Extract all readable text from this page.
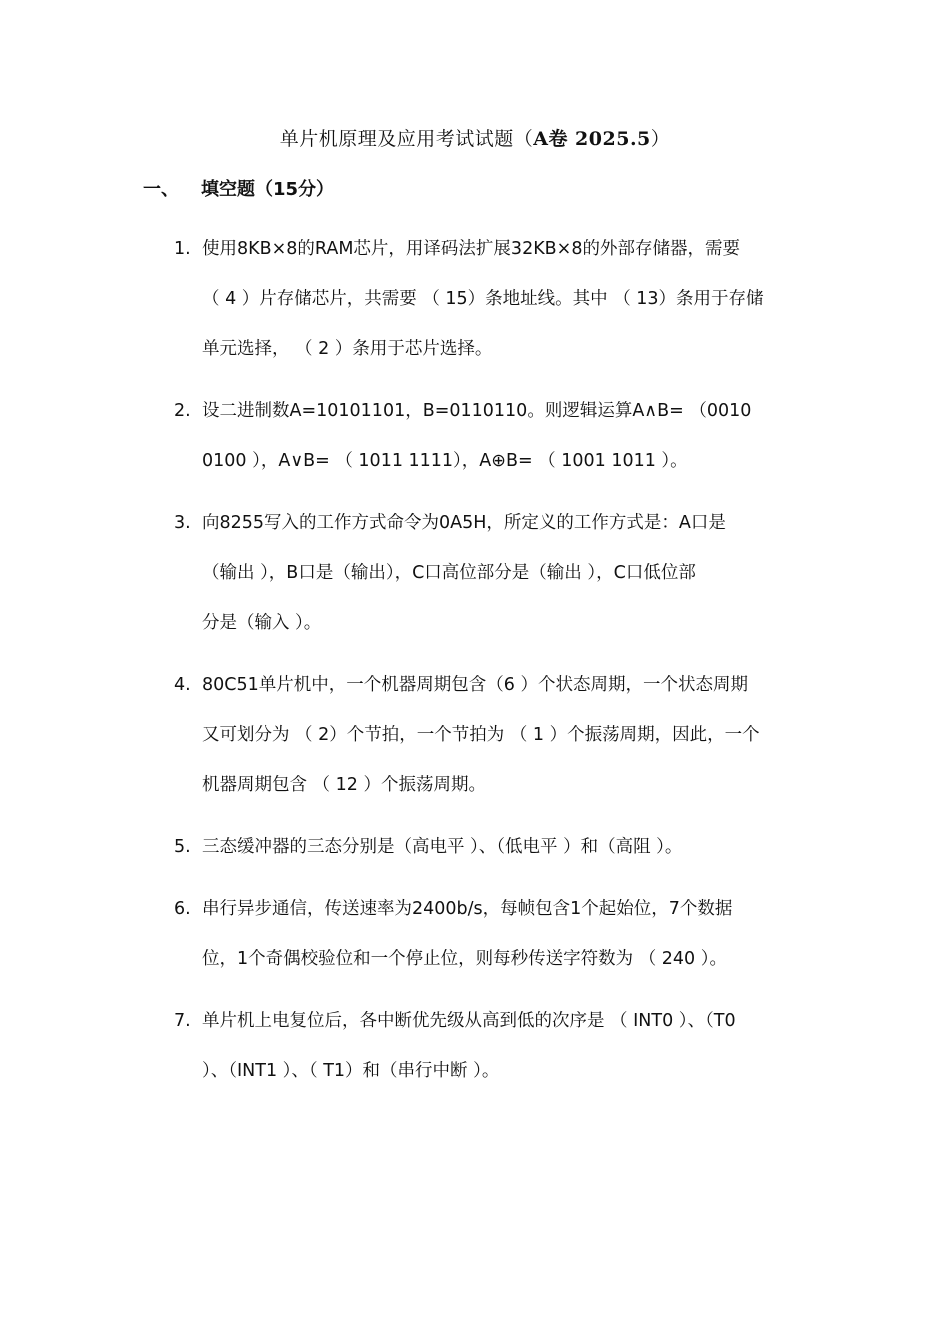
单片机原理及应用考试试题（A卷 2025.5）
一、 填空题（15分）
1. 使用8KB×8的RAM芯片，用译码法扩展32KB×8的外部存储器，需要
（ 4 ）片存储芯片，共需要 （ 15）条地址线。其中 （ 13）条用于存储
单元选择， （ 2 ）条用于芯片选择。
2. 设二进制数A=10101101，B=0110110。则逻辑运算A∧B= （0010
0100 ），A∨B= （ 1011 1111），A⊕B= （ 1001 1011 ）。
3. 向8255写入的工作方式命令为0A5H，所定义的工作方式是：A口是
（输出 ），B口是（输出），C口高位部分是（输出 ），C口低位部
分是（输入 ）。
4. 80C51单片机中，一个机器周期包含（6 ）个状态周期，一个状态周期
又可划分为 （ 2）个节拍，一个节拍为 （ 1 ）个振荡周期，因此，一个
机器周期包含 （ 12 ）个振荡周期。
5. 三态缓冲器的三态分别是（高电平 ）、（低电平 ）和（高阻 ）。
6. 串行异步通信，传送速率为2400b/s，每帧包含1个起始位，7个数据
位，1个奇偶校验位和一个停止位，则每秒传送字符数为 （ 240 ）。
7. 单片机上电复位后，各中断优先级从高到低的次序是 （ INT0 ）、（T0
）、（INT1 ）、（ T1）和（串行中断 ）。
